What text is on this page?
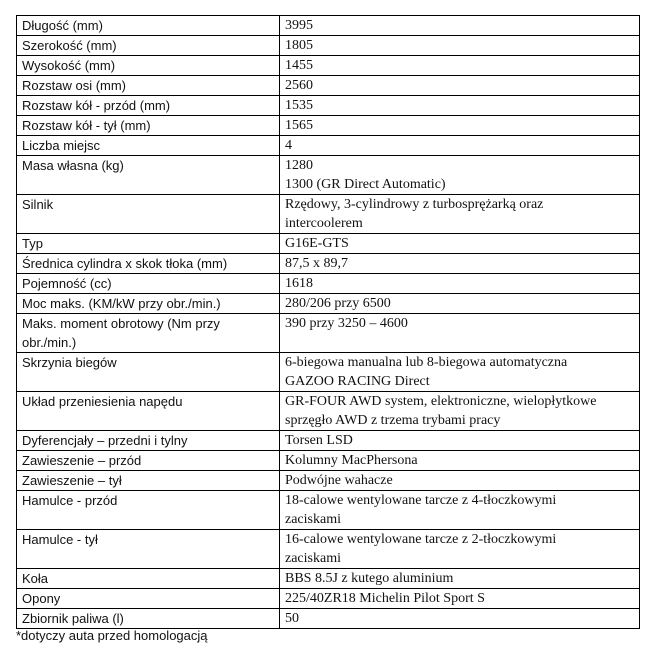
Długość (mm)	3995

Szerokość (mm)	1805

Wysokość (mm)	1455

Rozstaw osi (mm)	2560

Rozstaw kół - przód (mm)	1535

Rozstaw kół - tył (mm)	1565

Liczba miejsc	4

Masa własna (kg)	1280
1300 (GR Direct Automatic)

Silnik	Rzędowy, 3-cylindrowy z turbosprężarką oraz
intercoolerem

Typ	G16E-GTS

Średnica cylindra x skok tłoka (mm)	87,5 x 89,7

Pojemność (cc)	1618

Moc maks. (KM/kW przy obr./min.)	280/206 przy 6500

Maks. moment obrotowy (Nm przy obr./min.)	390 przy 3250 – 4600

Skrzynia biegów	6-biegowa manualna lub 8-biegowa automatyczna
GAZOO RACING Direct

Układ przeniesienia napędu	GR-FOUR AWD system, elektroniczne, wielopłytkowe
sprzęgło AWD z trzema trybami pracy

Dyferencjały – przedni i tylny	Torsen LSD

Zawieszenie – przód	Kolumny MacPhersona

Zawieszenie – tył	Podwójne wahacze

Hamulce - przód	18-calowe wentylowane tarcze z 4-tłoczkowymi
zaciskami

Hamulce - tył	16-calowe wentylowane tarcze z 2-tłoczkowymi
zaciskami

Koła	BBS 8.5J z kutego aluminium

Opony	225/40ZR18 Michelin Pilot Sport S

Zbiornik paliwa (l)	50
*dotyczy auta przed homologacją
